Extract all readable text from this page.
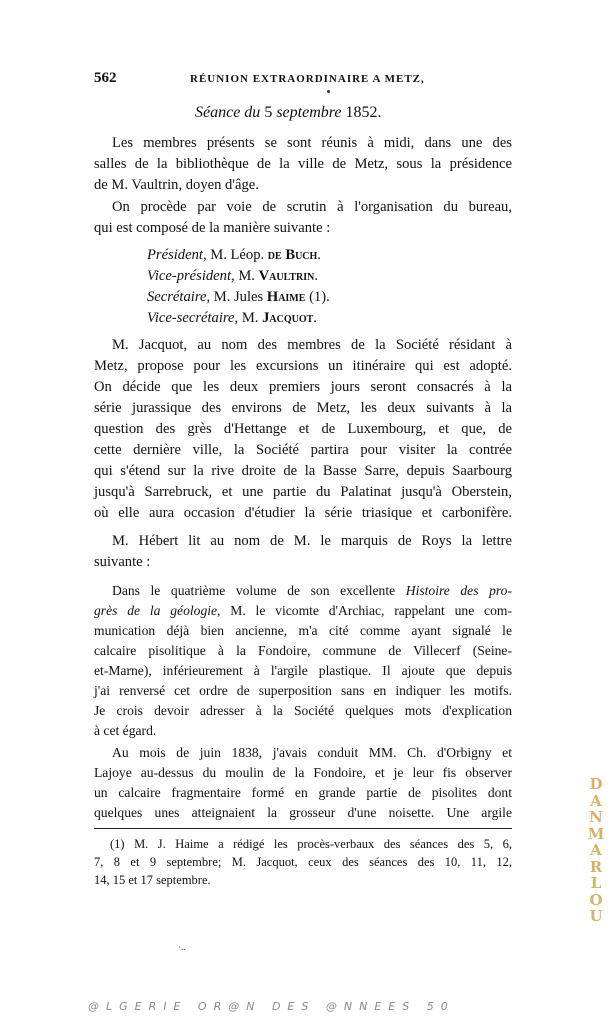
562	RÉUNION EXTRAORDINAIRE A METZ,
Séance du 5 septembre 1852.
Les membres présents se sont réunis à midi, dans une des
salles de la bibliothèque de la ville de Metz, sous la présidence
de M. Vaultrin, doyen d'âge.
On procède par voie de scrutin à l'organisation du bureau,
qui est composé de la manière suivante :
Président, M. Léop. de Buch.
Vice-président, M. Vaultrin.
Secrétaire, M. Jules Haime (1).
Vice-secrétaire, M. Jacquot.
M. Jacquot, au nom des membres de la Société résidant à
Metz, propose pour les excursions un itinéraire qui est adopté.
On décide que les deux premiers jours seront consacrés à la
série jurassique des environs de Metz, les deux suivants à la
question des grès d'Hettange et de Luxembourg, et que, de
cette dernière ville, la Société partira pour visiter la contrée
qui s'étend sur la rive droite de la Basse Sarre, depuis Saarbourg
jusqu'à Sarrebruck, et une partie du Palatinat jusqu'à Oberstein,
où elle aura occasion d'étudier la série triasique et carbonifère.
M. Hébert lit au nom de M. le marquis de Roys la lettre
suivante :
Dans le quatrième volume de son excellente Histoire des pro-
grès de la géologie, M. le vicomte d'Archiac, rappelant une com-
munication déjà bien ancienne, m'a cité comme ayant signalé le
calcaire pisolitique à la Fondoire, commune de Villecerf (Seine-
et-Marne), inférieurement à l'argile plastique. Il ajoute que depuis
j'ai renversé cet ordre de superposition sans en indiquer les motifs.
Je crois devoir adresser à la Société quelques mots d'explication
à cet égard.
Au mois de juin 1838, j'avais conduit MM. Ch. d'Orbigny et
Lajoye au-dessus du moulin de la Fondoire, et je leur fis observer
un calcaire fragmentaire formé en grande partie de pisolites dont
quelques unes atteignaient la grosseur d'une noisette. Une argile
(1) M. J. Haime a rédigé les procès-verbaux des séances des 5, 6,
7, 8 et 9 septembre; M. Jacquot, ceux des séances des 10, 11, 12,
14, 15 et 17 septembre.
·..
D
A
N
M
A
R
L
O
U
@LGERIE OR@N DES @NNEES 50
